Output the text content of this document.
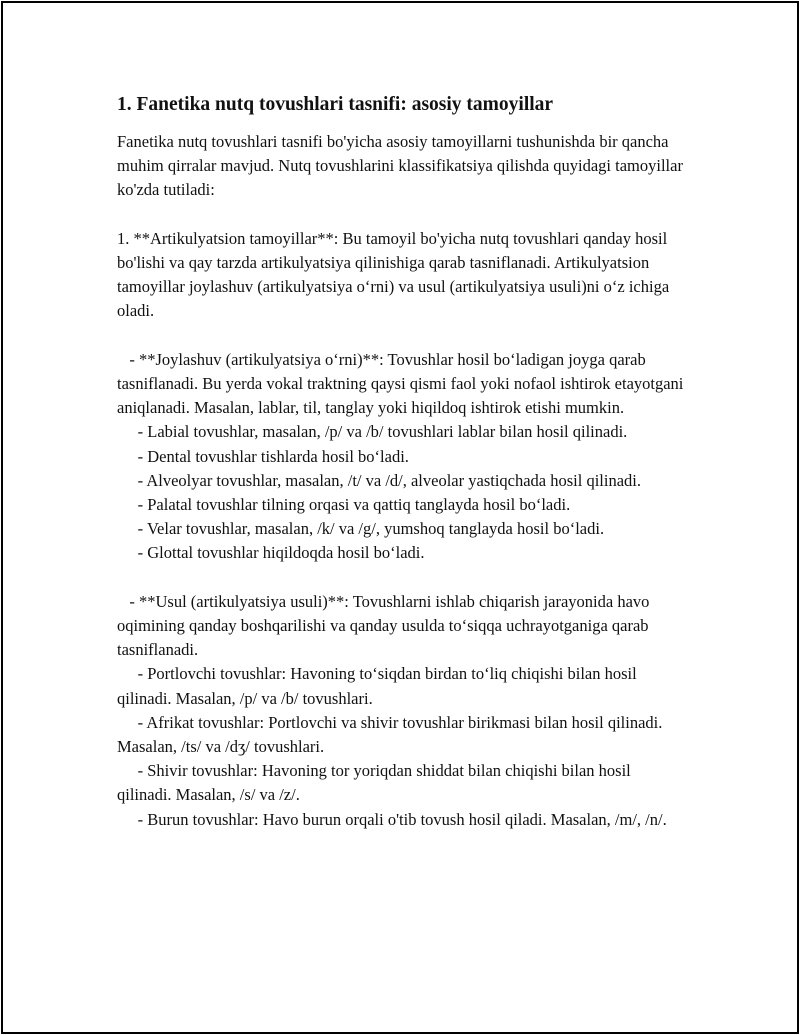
1. Fanetika nutq tovushlari tasnifi: asosiy tamoyillar

Fanetika nutq tovushlari tasnifi bo'yicha asosiy tamoyillarni tushunishda bir qancha muhim qirralar mavjud. Nutq tovushlarini klassifikatsiya qilishda quyidagi tamoyillar ko'zda tutiladi:

1. **Artikulyatsion tamoyillar**: Bu tamoyil bo'yicha nutq tovushlari qanday hosil bo'lishi va qay tarzda artikulyatsiya qilinishiga qarab tasniflanadi. Artikulyatsion tamoyillar joylashuv (artikulyatsiya o‘rni) va usul (artikulyatsiya usuli)ni o‘z ichiga oladi.

- **Joylashuv (artikulyatsiya o‘rni)**: Tovushlar hosil bo‘ladigan joyga qarab tasniflanadi. Bu yerda vokal traktning qaysi qismi faol yoki nofaol ishtirok etayotgani aniqlanadi. Masalan, lablar, til, tanglay yoki hiqildoq ishtirok etishi mumkin.
- Labial tovushlar, masalan, /p/ va /b/ tovushlari lablar bilan hosil qilinadi.
- Dental tovushlar tishlarda hosil bo‘ladi.
- Alveolyar tovushlar, masalan, /t/ va /d/, alveolar yastiqchada hosil qilinadi.
- Palatal tovushlar tilning orqasi va qattiq tanglayda hosil bo‘ladi.
- Velar tovushlar, masalan, /k/ va /g/, yumshoq tanglayda hosil bo‘ladi.
- Glottal tovushlar hiqildoqda hosil bo‘ladi.

- **Usul (artikulyatsiya usuli)**: Tovushlarni ishlab chiqarish jarayonida havo oqimining qanday boshqarilishi va qanday usulda to‘siqqa uchrayotganiga qarab tasniflanadi.
- Portlovchi tovushlar: Havoning to‘siqdan birdan to‘liq chiqishi bilan hosil qilinadi. Masalan, /p/ va /b/ tovushlari.
- Afrikat tovushlar: Portlovchi va shivir tovushlar birikmasi bilan hosil qilinadi. Masalan, /ts/ va /dʒ/ tovushlari.
- Shivir tovushlar: Havoning tor yoriqdan shiddat bilan chiqishi bilan hosil qilinadi. Masalan, /s/ va /z/.
- Burun tovushlar: Havo burun orqali o'tib tovush hosil qiladi. Masalan, /m/, /n/.
